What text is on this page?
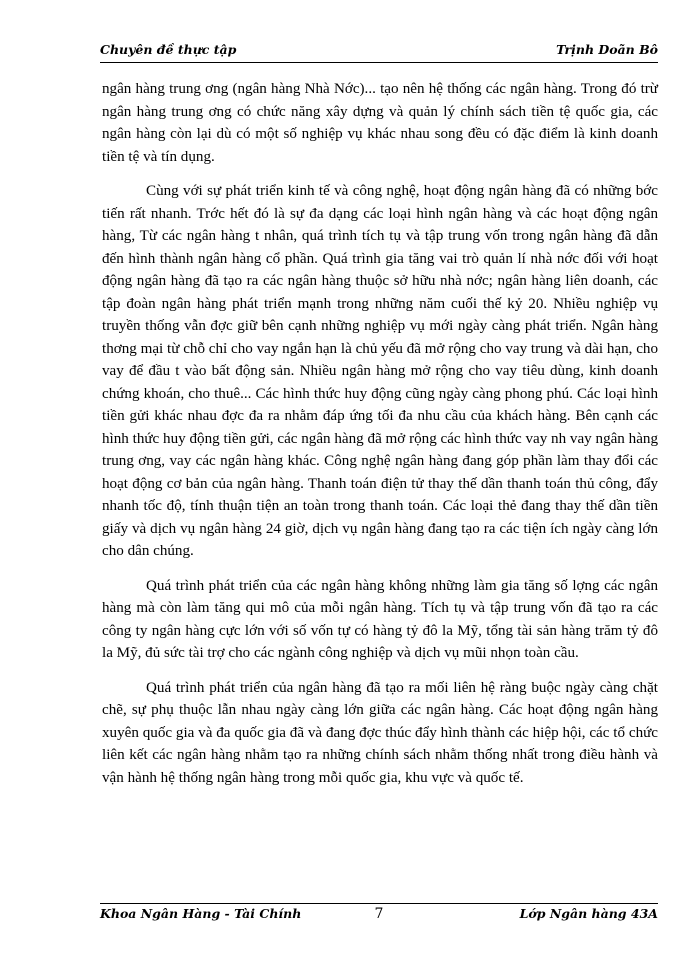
Chuyên đề thực tập	Trịnh Doãn Bô

ngân hàng trung ơng (ngân hàng Nhà Nớc)... tạo nên hệ thống các ngân hàng. Trong đó trừ ngân hàng trung ơng có chức năng xây dựng và quản lý chính sách tiền tệ quốc gia, các ngân hàng còn lại dù có một số nghiệp vụ khác nhau song đều có đặc điểm là kinh doanh tiền tệ và tín dụng.

Cùng với sự phát triển kinh tế và công nghệ, hoạt động ngân hàng đã có những bớc tiến rất nhanh. Trớc hết đó là sự đa dạng các loại hình ngân hàng và các hoạt động ngân hàng, Từ các ngân hàng t nhân, quá trình tích tụ và tập trung vốn trong ngân hàng đã dẫn đến hình thành ngân hàng cổ phần. Quá trình gia tăng vai trò quản lí nhà nớc đối với hoạt động ngân hàng đã tạo ra các ngân hàng thuộc sở hữu nhà nớc; ngân hàng liên doanh, các tập đoàn ngân hàng phát triển mạnh trong những năm cuối thế kỷ 20. Nhiều nghiệp vụ truyền thống vẫn đợc giữ bên cạnh những nghiệp vụ mới ngày càng phát triển. Ngân hàng thơng mại từ chỗ chỉ cho vay ngắn hạn là chủ yếu đã mở rộng cho vay trung và dài hạn, cho vay để đầu t vào bất động sản. Nhiều ngân hàng mở rộng cho vay tiêu dùng, kinh doanh chứng khoán, cho thuê... Các hình thức huy động cũng ngày càng phong phú. Các loại hình tiền gửi khác nhau đợc đa ra nhằm đáp ứng tối đa nhu cầu của khách hàng. Bên cạnh các hình thức huy động tiền gửi, các ngân hàng đã mở rộng các hình thức vay nh vay ngân hàng trung ơng, vay các ngân hàng khác. Công nghệ ngân hàng đang góp phần làm thay đổi các hoạt động cơ bản của ngân hàng. Thanh toán điện tử thay thế dần thanh toán thủ công, đẩy nhanh tốc độ, tính thuận tiện an toàn trong thanh toán. Các loại thẻ đang thay thế dần tiền giấy và dịch vụ ngân hàng 24 giờ, dịch vụ ngân hàng đang tạo ra các tiện ích ngày càng lớn cho dân chúng.

Quá trình phát triển của các ngân hàng không những làm gia tăng số lợng các ngân hàng mà còn làm tăng qui mô của mỗi ngân hàng. Tích tụ và tập trung vốn đã tạo ra các công ty ngân hàng cực lớn với số vốn tự có hàng tỷ đô la Mỹ, tổng tài sản hàng trăm tỷ đô la Mỹ, đủ sức tài trợ cho các ngành công nghiệp và dịch vụ mũi nhọn toàn cầu.

Quá trình phát triển của ngân hàng đã tạo ra mối liên hệ ràng buộc ngày càng chặt chẽ, sự phụ thuộc lẫn nhau ngày càng lớn giữa các ngân hàng. Các hoạt động ngân hàng xuyên quốc gia và đa quốc gia đã và đang đợc thúc đẩy hình thành các hiệp hội, các tổ chức liên kết các ngân hàng nhằm tạo ra những chính sách nhằm thống nhất trong điều hành và vận hành hệ thống ngân hàng trong mỗi quốc gia, khu vực và quốc tế.

Khoa Ngân Hàng - Tài Chính	7	Lớp Ngân hàng 43A
